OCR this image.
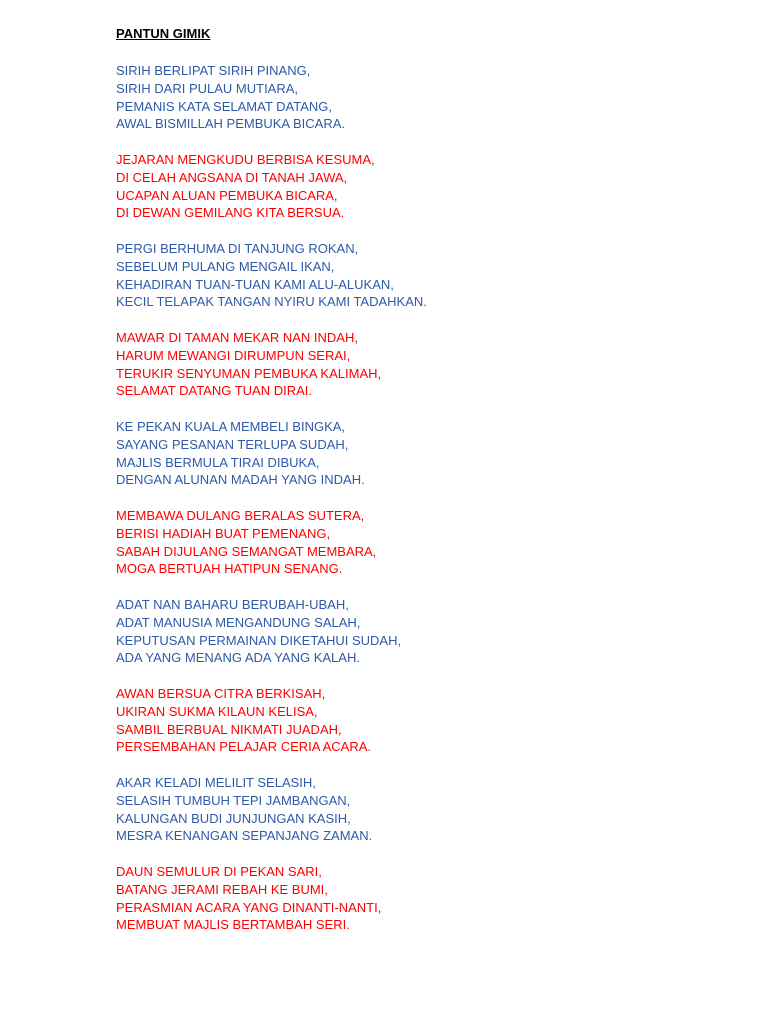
PANTUN GIMIK
SIRIH BERLIPAT SIRIH PINANG,
SIRIH DARI PULAU MUTIARA,
PEMANIS KATA SELAMAT DATANG,
AWAL BISMILLAH PEMBUKA BICARA.
JEJARAN MENGKUDU BERBISA KESUMA,
DI CELAH ANGSANA DI TANAH JAWA,
UCAPAN ALUAN PEMBUKA BICARA,
DI DEWAN GEMILANG KITA BERSUA.
PERGI BERHUMA DI TANJUNG ROKAN,
SEBELUM PULANG MENGAIL IKAN,
KEHADIRAN TUAN-TUAN KAMI ALU-ALUKAN,
KECIL TELAPAK TANGAN NYIRU KAMI TADAHKAN.
MAWAR DI TAMAN MEKAR NAN INDAH,
HARUM MEWANGI DIRUMPUN SERAI,
TERUKIR SENYUMAN PEMBUKA KALIMAH,
SELAMAT DATANG TUAN DIRAI.
KE PEKAN KUALA MEMBELI BINGKA,
SAYANG PESANAN TERLUPA SUDAH,
MAJLIS BERMULA TIRAI DIBUKA,
DENGAN ALUNAN MADAH YANG INDAH.
MEMBAWA DULANG BERALAS SUTERA,
BERISI HADIAH BUAT PEMENANG,
SABAH DIJULANG SEMANGAT MEMBARA,
MOGA BERTUAH HATIPUN SENANG.
ADAT NAN BAHARU BERUBAH-UBAH,
ADAT MANUSIA MENGANDUNG SALAH,
KEPUTUSAN PERMAINAN DIKETAHUI SUDAH,
ADA YANG MENANG ADA YANG KALAH.
AWAN BERSUA CITRA BERKISAH,
UKIRAN SUKMA KILAUN KELISA,
SAMBIL BERBUAL NIKMATI JUADAH,
PERSEMBAHAN PELAJAR CERIA ACARA.
AKAR KELADI MELILIT SELASIH,
SELASIH TUMBUH TEPI JAMBANGAN,
KALUNGAN BUDI JUNJUNGAN KASIH,
MESRA KENANGAN SEPANJANG ZAMAN.
DAUN SEMULUR DI PEKAN SARI,
BATANG JERAMI REBAH KE BUMI,
PERASMIAN ACARA YANG DINANTI-NANTI,
MEMBUAT MAJLIS BERTAMBAH SERI.
